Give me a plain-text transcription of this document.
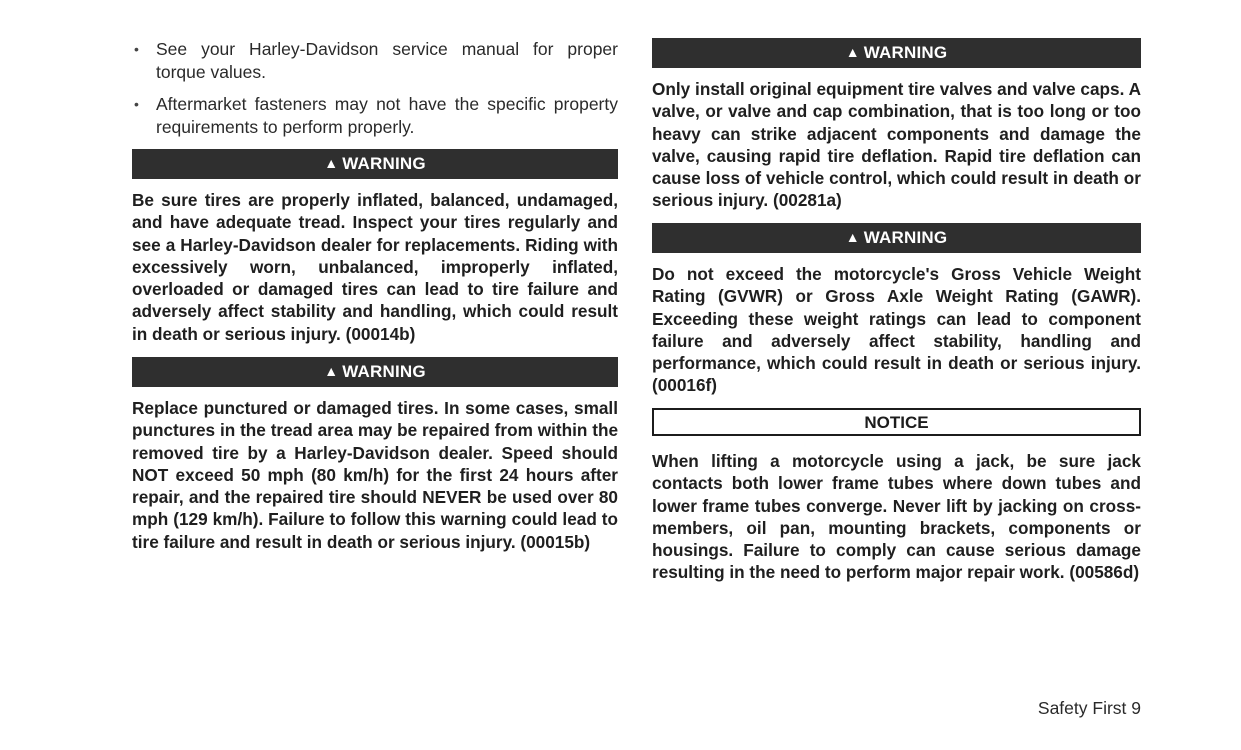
• See your Harley-Davidson service manual for proper torque values.
• Aftermarket fasteners may not have the specific property requirements to perform properly.
▲ WARNING

Be sure tires are properly inflated, balanced, undamaged, and have adequate tread. Inspect your tires regularly and see a Harley-Davidson dealer for replacements. Riding with excessively worn, unbalanced, improperly inflated, overloaded or damaged tires can lead to tire failure and adversely affect stability and handling, which could result in death or serious injury. (00014b)

▲ WARNING

Replace punctured or damaged tires. In some cases, small punctures in the tread area may be repaired from within the removed tire by a Harley-Davidson dealer. Speed should NOT exceed 50 mph (80 km/h) for the first 24 hours after repair, and the repaired tire should NEVER be used over 80 mph (129 km/h). Failure to follow this warning could lead to tire failure and result in death or serious injury. (00015b)

▲ WARNING

Only install original equipment tire valves and valve caps. A valve, or valve and cap combination, that is too long or too heavy can strike adjacent components and damage the valve, causing rapid tire deflation. Rapid tire deflation can cause loss of vehicle control, which could result in death or serious injury. (00281a)

▲ WARNING

Do not exceed the motorcycle's Gross Vehicle Weight Rating (GVWR) or Gross Axle Weight Rating (GAWR). Exceeding these weight ratings can lead to component failure and adversely affect stability, handling and performance, which could result in death or serious injury. (00016f)

NOTICE

When lifting a motorcycle using a jack, be sure jack contacts both lower frame tubes where down tubes and lower frame tubes converge. Never lift by jacking on cross-members, oil pan, mounting brackets, components or housings. Failure to comply can cause serious damage resulting in the need to perform major repair work. (00586d)

Safety First 9
